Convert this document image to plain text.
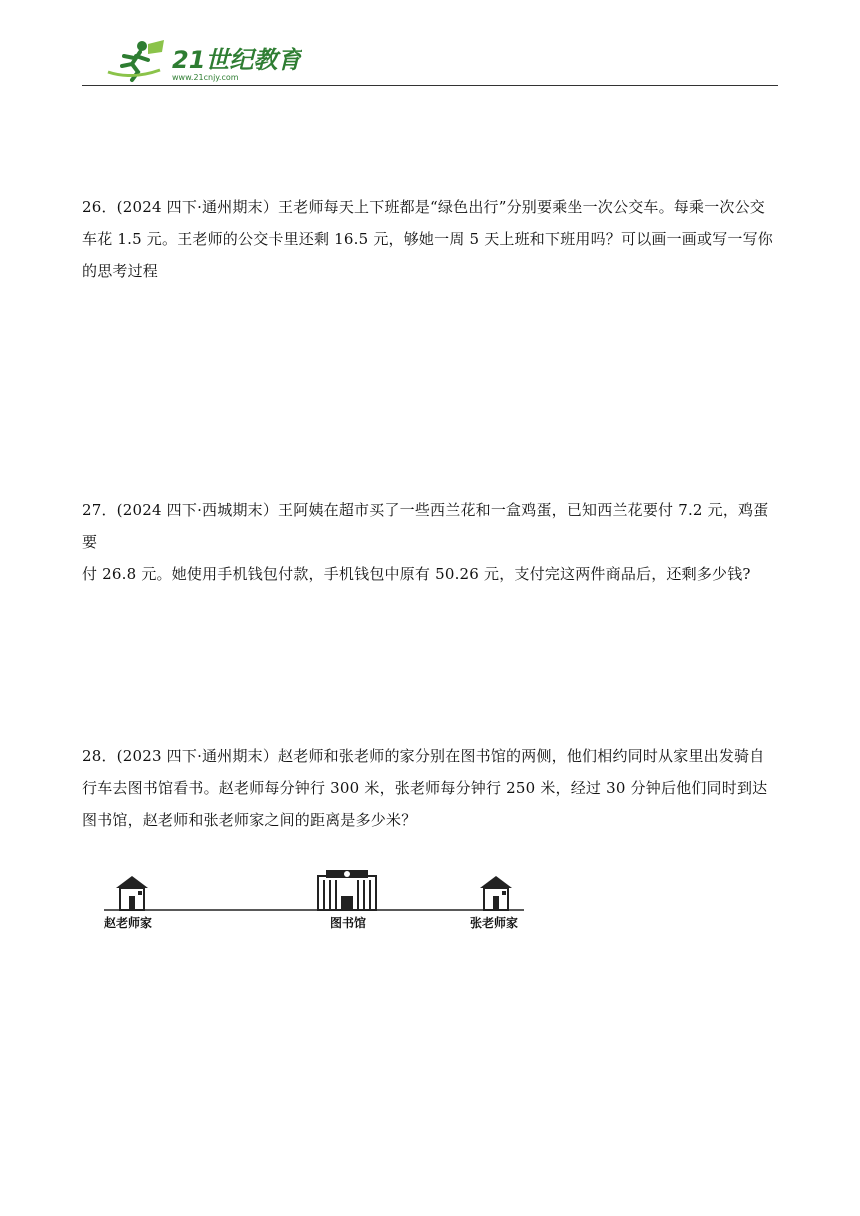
21世纪教育
www.21cnjy.com
26．(2024 四下·通州期末）王老师每天上下班都是“绿色出行”分别要乘坐一次公交车。每乘一次公交
车花 1.5 元。王老师的公交卡里还剩 16.5 元，够她一周 5 天上班和下班用吗？可以画一画或写一写你
的思考过程
27．(2024 四下·西城期末）王阿姨在超市买了一些西兰花和一盒鸡蛋，已知西兰花要付 7.2 元，鸡蛋要
付 26.8 元。她使用手机钱包付款，手机钱包中原有 50.26 元，支付完这两件商品后，还剩多少钱?
28．(2023 四下·通州期末）赵老师和张老师的家分别在图书馆的两侧，他们相约同时从家里出发骑自
行车去图书馆看书。赵老师每分钟行 300 米，张老师每分钟行 250 米，经过 30 分钟后他们同时到达
图书馆，赵老师和张老师家之间的距离是多少米？
赵老师家	图书馆	张老师家
